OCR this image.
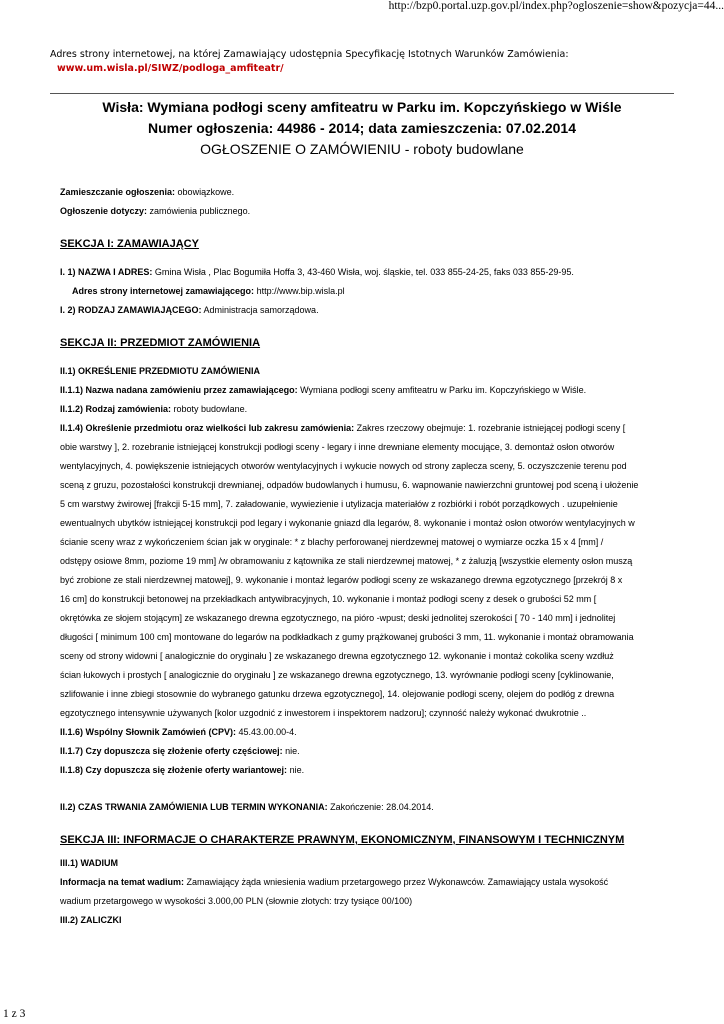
http://bzp0.portal.uzp.gov.pl/index.php?ogloszenie=show&pozycja=44...
Adres strony internetowej, na której Zamawiający udostępnia Specyfikację Istotnych Warunków Zamówienia:
www.um.wisla.pl/SIWZ/podloga_amfiteatr/
Wisła: Wymiana podłogi sceny amfiteatru w Parku im. Kopczyńskiego w Wiśle
Numer ogłoszenia: 44986 - 2014; data zamieszczenia: 07.02.2014
OGŁOSZENIE O ZAMÓWIENIU - roboty budowlane

Zamieszczanie ogłoszenia: obowiązkowe.

Ogłoszenie dotyczy: zamówienia publicznego.

SEKCJA I: ZAMAWIAJĄCY

I. 1) NAZWA I ADRES: Gmina Wisła , Plac Bogumiła Hoffa 3, 43-460 Wisła, woj. śląskie, tel. 033 855-24-25, faks 033 855-29-95.

Adres strony internetowej zamawiającego: http://www.bip.wisla.pl

I. 2) RODZAJ ZAMAWIAJĄCEGO: Administracja samorządowa.

SEKCJA II: PRZEDMIOT ZAMÓWIENIA

II.1) OKREŚLENIE PRZEDMIOTU ZAMÓWIENIA

II.1.1) Nazwa nadana zamówieniu przez zamawiającego: Wymiana podłogi sceny amfiteatru w Parku im. Kopczyńskiego w Wiśle.

II.1.2) Rodzaj zamówienia: roboty budowlane.

II.1.4) Określenie przedmiotu oraz wielkości lub zakresu zamówienia: Zakres rzeczowy obejmuje: 1. rozebranie istniejącej podłogi sceny [

obie warstwy ], 2. rozebranie istniejącej konstrukcji podłogi sceny - legary i inne drewniane elementy mocujące, 3. demontaż osłon otworów

wentylacyjnych, 4. powiększenie istniejących otworów wentylacyjnych i wykucie nowych od strony zaplecza sceny, 5. oczyszczenie terenu pod

sceną z gruzu, pozostałości konstrukcji drewnianej, odpadów budowlanych i humusu, 6. wapnowanie nawierzchni gruntowej pod sceną i ułożenie

5 cm warstwy żwirowej [frakcji 5-15 mm], 7. załadowanie, wywiezienie i utylizacja materiałów z rozbiórki i robót porządkowych . uzupełnienie

ewentualnych ubytków istniejącej konstrukcji pod legary i wykonanie gniazd dla legarów, 8. wykonanie i montaż osłon otworów wentylacyjnych w

ścianie sceny wraz z wykończeniem ścian jak w oryginale: * z blachy perforowanej nierdzewnej matowej o wymiarze oczka 15 x 4 [mm] /

odstępy osiowe 8mm, poziome 19 mm] /w obramowaniu z kątownika ze stali nierdzewnej matowej, * z żaluzją [wszystkie elementy osłon muszą

być zrobione ze stali nierdzewnej matowej], 9. wykonanie i montaż legarów podłogi sceny ze wskazanego drewna egzotycznego [przekrój 8 x

16 cm] do konstrukcji betonowej na przekładkach antywibracyjnych, 10. wykonanie i montaż podłogi sceny z desek o grubości 52 mm [

okrętówka ze słojem stojącym] ze wskazanego drewna egzotycznego, na pióro -wpust; deski jednolitej szerokości [ 70 - 140 mm] i jednolitej

długości [ minimum 100 cm] montowane do legarów na podkładkach z gumy prążkowanej grubości 3 mm, 11. wykonanie i montaż obramowania

sceny od strony widowni [ analogicznie do oryginału ] ze wskazanego drewna egzotycznego 12. wykonanie i montaż cokolika sceny wzdłuż

ścian łukowych i prostych [ analogicznie do oryginału ] ze wskazanego drewna egzotycznego, 13. wyrównanie podłogi sceny [cyklinowanie,

szlifowanie i inne zbiegi stosownie do wybranego gatunku drzewa egzotycznego], 14. olejowanie podłogi sceny, olejem do podłóg z drewna

egzotycznego intensywnie używanych [kolor uzgodnić z inwestorem i inspektorem nadzoru]; czynność należy wykonać dwukrotnie ..

II.1.6) Wspólny Słownik Zamówień (CPV): 45.43.00.00-4.

II.1.7) Czy dopuszcza się złożenie oferty częściowej: nie.

II.1.8) Czy dopuszcza się złożenie oferty wariantowej: nie.

II.2) CZAS TRWANIA ZAMÓWIENIA LUB TERMIN WYKONANIA: Zakończenie: 28.04.2014.

SEKCJA III: INFORMACJE O CHARAKTERZE PRAWNYM, EKONOMICZNYM, FINANSOWYM I TECHNICZNYM

III.1) WADIUM

Informacja na temat wadium: Zamawiający żąda wniesienia wadium przetargowego przez Wykonawców. Zamawiający ustala wysokość

wadium przetargowego w wysokości 3.000,00 PLN (słownie złotych: trzy tysiące 00/100)

III.2) ZALICZKI

1 z 3
